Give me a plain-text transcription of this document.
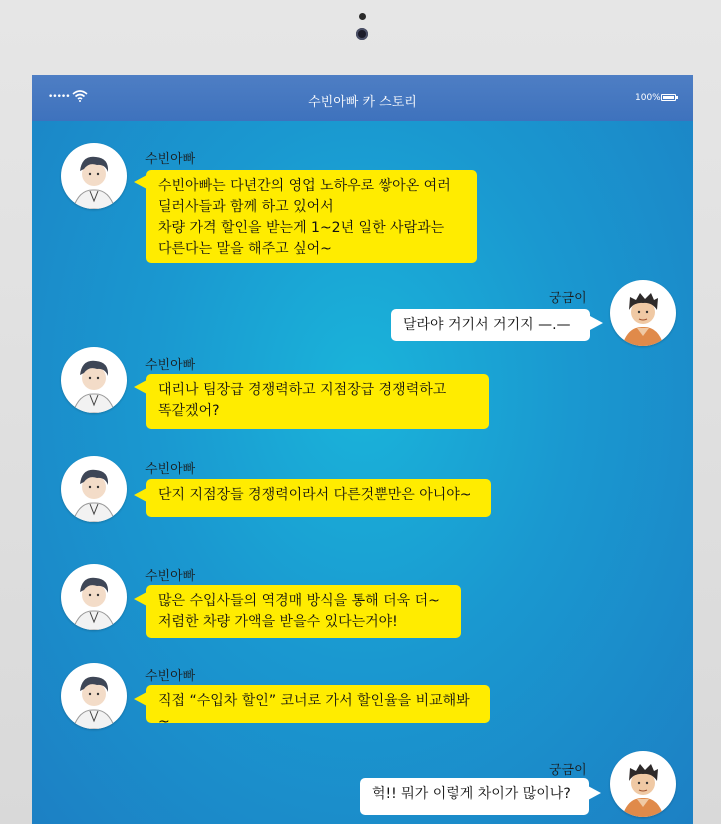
•••••	수빈아빠 카 스토리	100%
수빈아빠
수빈아빠는 다년간의 영업 노하우로 쌓아온 여러
딜러사들과 함께 하고 있어서
차량 가격 할인을 받는게 1~2년 일한 사람과는
다른다는 말을 해주고 싶어~
궁금이
달라야 거기서 거기지 —.—
수빈아빠
대리나 팀장급 경쟁력하고 지점장급 경쟁력하고
똑같겠어?
수빈아빠
단지 지점장들 경쟁력이라서 다른것뿐만은 아니야~
수빈아빠
많은 수입사들의 역경매 방식을 통해 더욱 더~
저렴한 차량 가액을 받을수 있다는거야!
수빈아빠
직접 “수입차 할인” 코너로 가서 할인율을 비교해봐~
궁금이
헉!! 뭐가 이렇게 차이가 많이나?
